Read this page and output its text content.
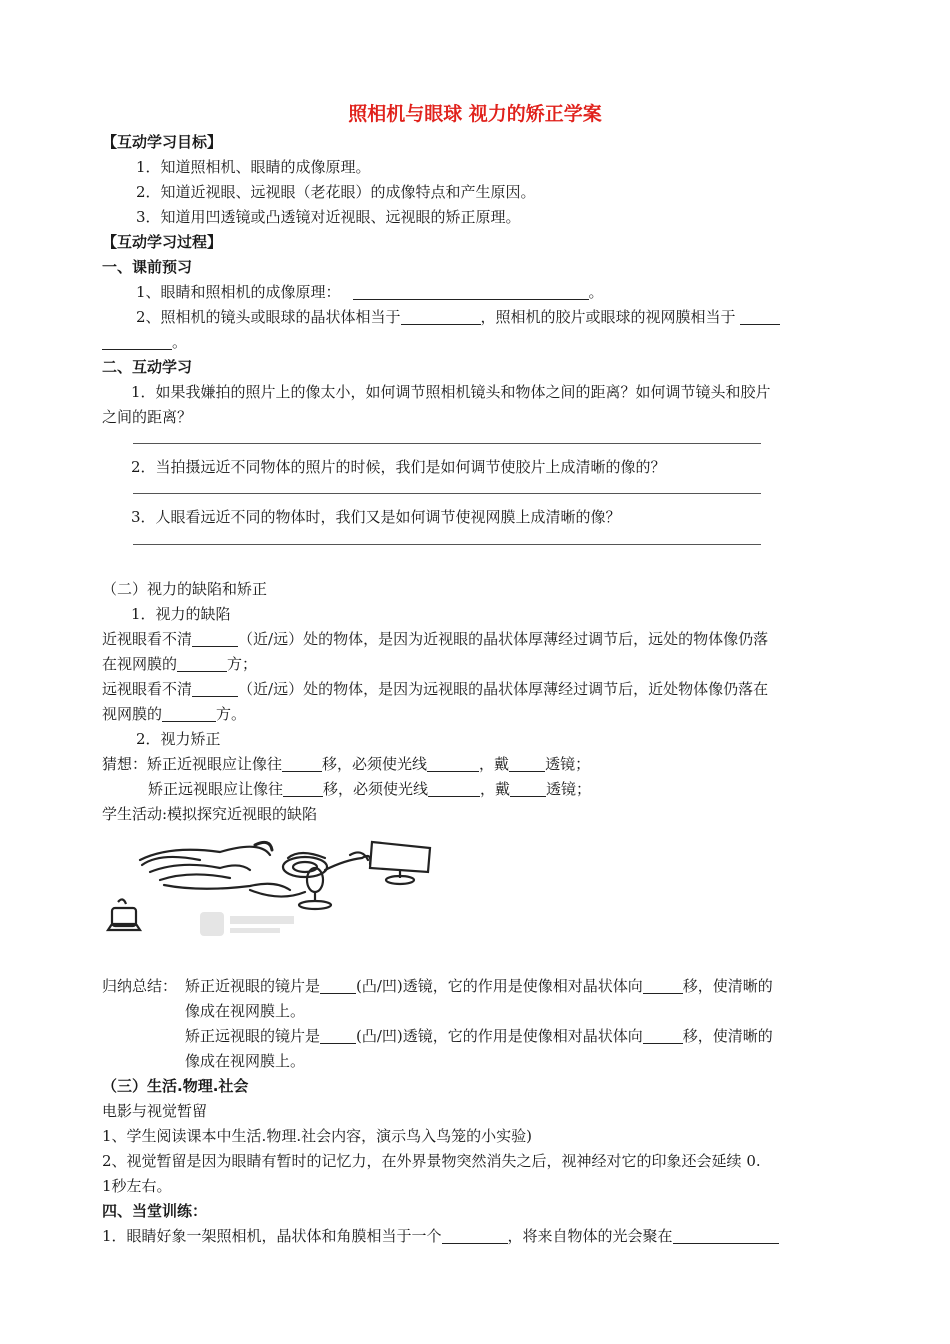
照相机与眼球 视力的矫正学案
【互动学习目标】
1．知道照相机、眼睛的成像原理。
2．知道近视眼、远视眼（老花眼）的成像特点和产生原因。
3．知道用凹透镜或凸透镜对近视眼、远视眼的矫正原理。
【互动学习过程】
一、课前预习
1、眼睛和照相机的成像原理：	。
2、照相机的镜头或眼球的晶状体相当于	，照相机的胶片或眼球的视网膜相当于
。
二、互动学习
1．如果我嫌拍的照片上的像太小，如何调节照相机镜头和物体之间的距离？如何调节镜头和胶片
之间的距离？
2．当拍摄远近不同物体的照片的时候，我们是如何调节使胶片上成清晰的像的？
3．人眼看远近不同的物体时，我们又是如何调节使视网膜上成清晰的像？
（二）视力的缺陷和矫正
1．视力的缺陷
近视眼看不清	（近/远）处的物体，是因为近视眼的晶状体厚薄经过调节后，远处的物体像仍落
在视网膜的	方；
远视眼看不清	（近/远）处的物体，是因为远视眼的晶状体厚薄经过调节后，近处物体像仍落在
视网膜的	方。
2．视力矫正
猜想：矫正近视眼应让像往	移，必须使光线	，戴 透镜；
矫正远视眼应让像往	移，必须使光线	，戴 透镜；
学生活动:模拟探究近视眼的缺陷
归纳总结： 矫正近视眼的镜片是 (凸/凹)透镜，它的作用是使像相对晶状体向	移，使清晰的
像成在视网膜上。
矫正远视眼的镜片是 (凸/凹)透镜，它的作用是使像相对晶状体向	移，使清晰的
像成在视网膜上。
（三）生活.物理.社会
电影与视觉暂留
1、学生阅读课本中生活.物理.社会内容，演示鸟入鸟笼的小实验)
2、视觉暂留是因为眼睛有暂时的记忆力，在外界景物突然消失之后，视神经对它的印象还会延续 0.
1秒左右。
四、当堂训练：
1．眼睛好象一架照相机，晶状体和角膜相当于一个	，将来自物体的光会聚在
